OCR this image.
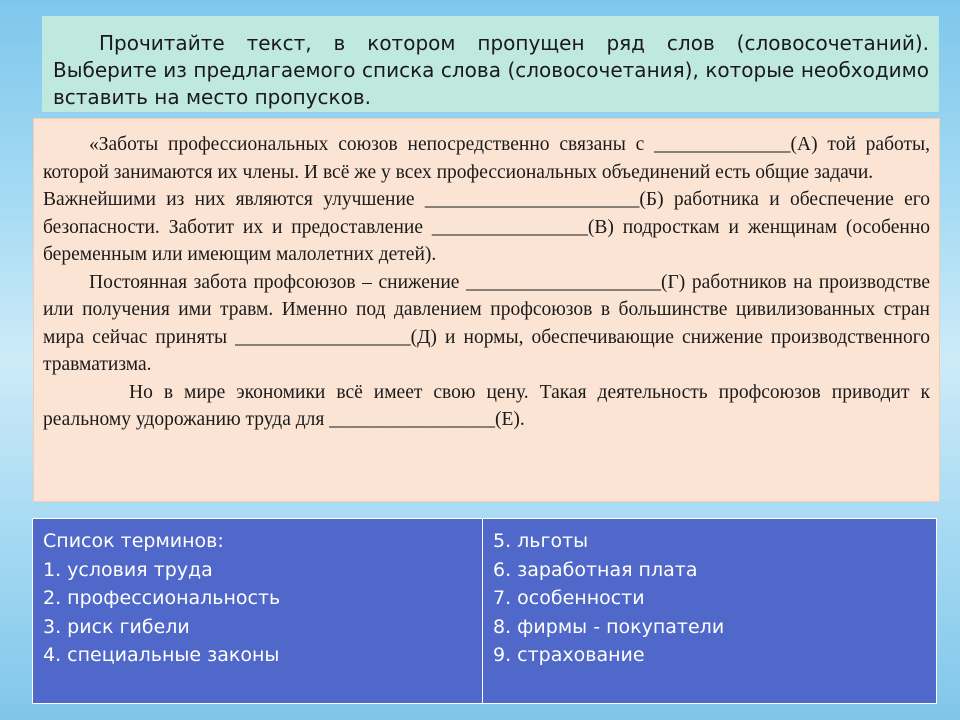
Прочитайте текст, в котором пропущен ряд слов (словосочетаний). Выберите из предлагаемого списка слова (словосочетания), которые необходимо вставить на место пропусков.

«Заботы профессиональных союзов непосредственно связаны с ______________(А) той работы, которой занимаются их члены. И всё же у всех профессиональных объединений есть общие задачи.

Важнейшими из них являются улучшение ______________________(Б) работника и обеспечение его безопасности. Заботит их и предоставление ________________(В) подросткам и женщинам (особенно беременным или имеющим малолетних детей).

Постоянная забота профсоюзов – снижение ____________________(Г) работников на производстве или получения ими травм. Именно под давлением профсоюзов в большинстве цивилизованных стран мира сейчас приняты __________________(Д) и нормы, обеспечивающие снижение производственного травматизма.

Но в мире экономики всё имеет свою цену. Такая деятельность профсоюзов приводит к реальному удорожанию труда для _________________(Е).

Список терминов:
1. условия труда
2. профессиональность
3. риск гибели
4. специальные законы
5. льготы
6. заработная плата
7. особенности
8. фирмы - покупатели
9. страхование
